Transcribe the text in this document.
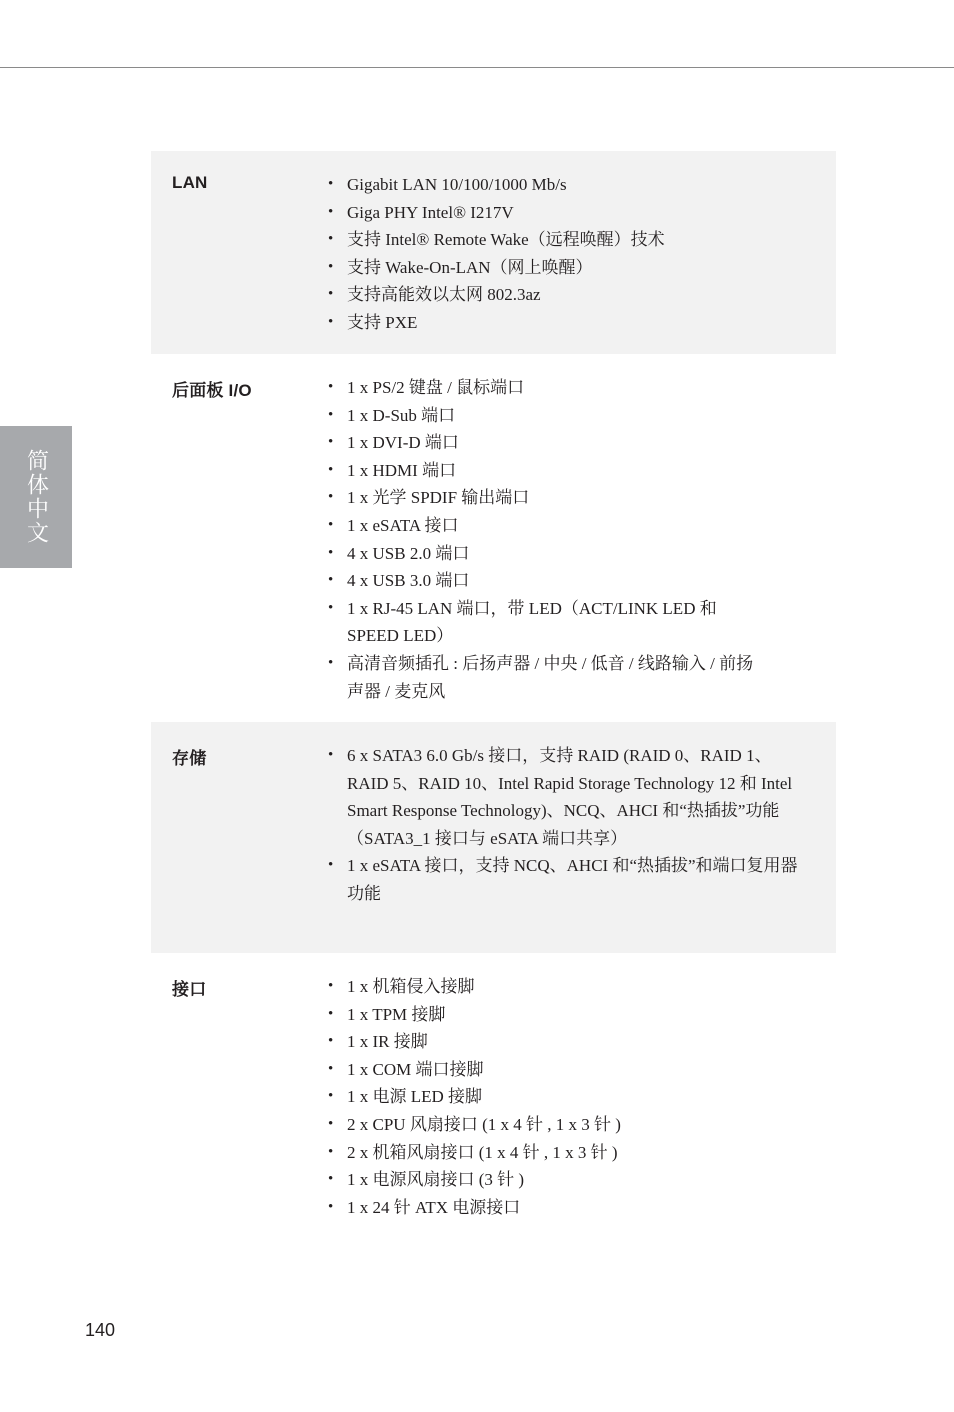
简体中文
LAN	• Gigabit LAN 10/100/1000 Mb/s
• Giga PHY Intel® I217V
• 支持 Intel® Remote Wake（远程唤醒）技术
• 支持 Wake-On-LAN（网上唤醒）
• 支持高能效以太网 802.3az
• 支持 PXE
后面板 I/O	• 1 x PS/2 键盘 / 鼠标端口
• 1 x D-Sub 端口
• 1 x DVI-D 端口
• 1 x HDMI 端口
• 1 x 光学 SPDIF 输出端口
• 1 x eSATA 接口
• 4 x USB 2.0 端口
• 4 x USB 3.0 端口
• 1 x RJ-45 LAN 端口，带 LED（ACT/LINK LED 和 SPEED LED）
• 高清音频插孔 : 后扬声器 / 中央 / 低音 / 线路输入 / 前扬声器 / 麦克风
存储	• 6 x SATA3 6.0 Gb/s 接口，支持 RAID (RAID 0、RAID 1、RAID 5、RAID 10、Intel Rapid Storage Technology 12 和 Intel Smart Response Technology)、NCQ、AHCI 和“热插拔”功能（SATA3_1 接口与 eSATA 端口共享）
• 1 x eSATA 接口，支持 NCQ、AHCI 和“热插拔”和端口复用器功能
接口	• 1 x 机箱侵入接脚
• 1 x TPM 接脚
• 1 x IR 接脚
• 1 x COM 端口接脚
• 1 x 电源 LED 接脚
• 2 x CPU 风扇接口 (1 x 4 针 , 1 x 3 针 )
• 2 x 机箱风扇接口 (1 x 4 针 , 1 x 3 针 )
• 1 x 电源风扇接口 (3 针 )
• 1 x 24 针 ATX 电源接口
140
